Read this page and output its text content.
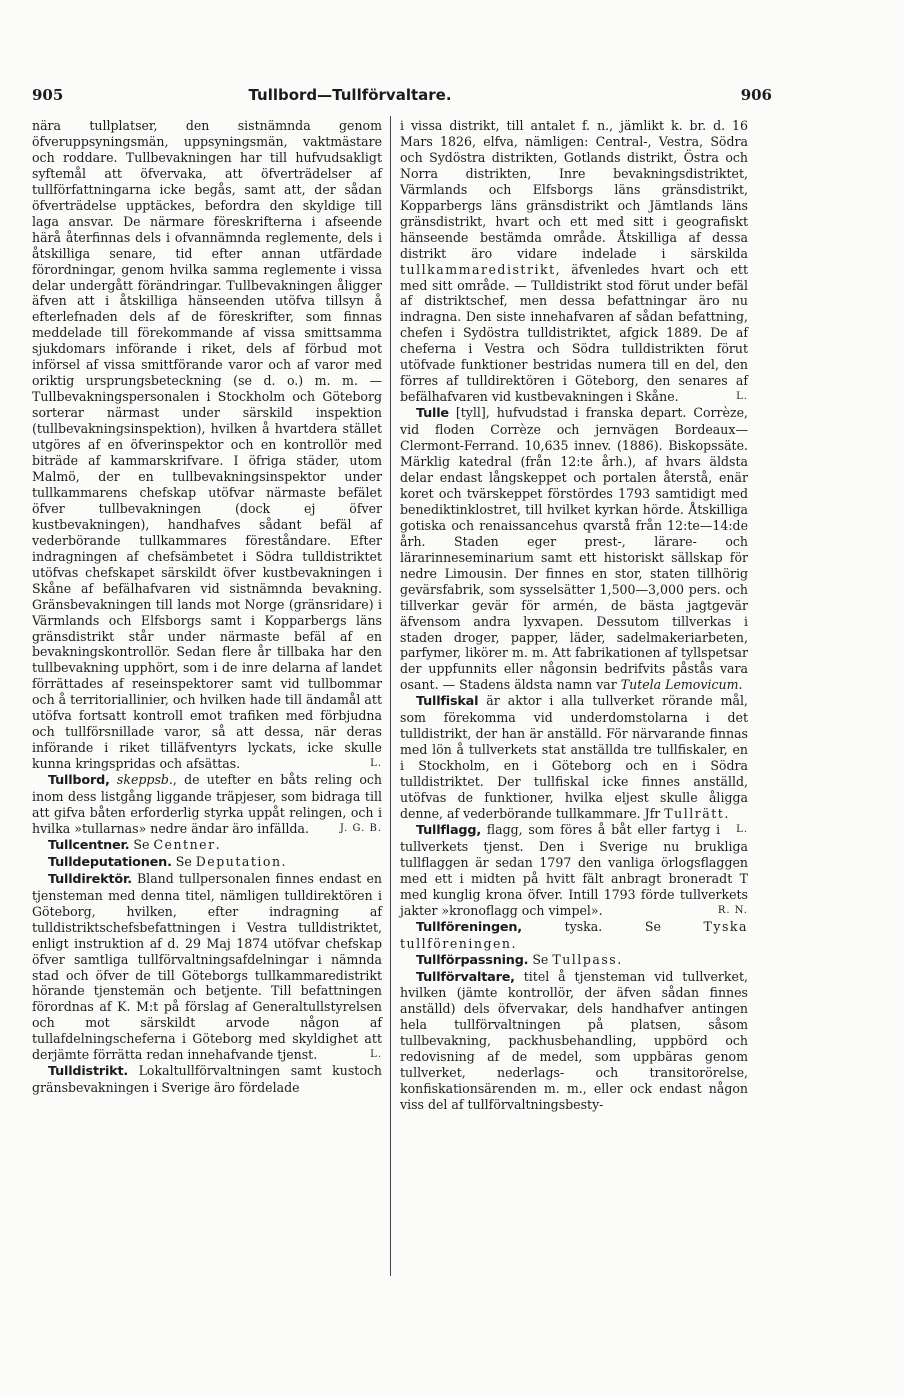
905	Tullbord—Tullförvaltare.	906

nära tullplatser, den sistnämnda genom öfveruppsyningsmän, uppsyningsmän, vaktmästare och roddare. Tullbevakningen har till hufvudsakligt syftemål att öfvervaka, att öfverträdelser af tullförfattningarna icke begås, samt att, der sådan öfverträdelse upptäckes, befordra den skyldige till laga ansvar. De närmare föreskrifterna i afseende härå återfinnas dels i ofvannämnda reglemente, dels i åtskilliga senare, tid efter annan utfärdade förordningar, genom hvilka samma reglemente i vissa delar undergått förändringar. Tullbevakningen åligger äfven att i åtskilliga hänseenden utöfva tillsyn å efterlefnaden dels af de föreskrifter, som finnas meddelade till förekommande af vissa smittsamma sjukdomars införande i riket, dels af förbud mot införsel af vissa smittförande varor och af varor med oriktig ursprungsbeteckning (se d. o.) m. m. — Tullbevakningspersonalen i Stockholm och Göteborg sorterar närmast under särskild inspektion (tullbevakningsinspektion), hvilken å hvartdera stället utgöres af en öfverinspektor och en kontrollör med biträde af kammarskrifvare. I öfriga städer, utom Malmö, der en tullbevakningsinspektor under tullkammarens chefskap utöfvar närmaste befälet öfver tullbevakningen (dock ej öfver kustbevakningen), handhafves sådant befäl af vederbörande tullkammares föreståndare. Efter indragningen af chefsämbetet i Södra tulldistriktet utöfvas chefskapet särskildt öfver kustbevakningen i Skåne af befälhafvaren vid sistnämnda bevakning. Gränsbevakningen till lands mot Norge (gränsridare) i Värmlands och Elfsborgs samt i Kopparbergs läns gränsdistrikt står under närmaste befäl af en bevakningskontrollör. Sedan flere år tillbaka har den tullbevakning upphört, som i de inre delarna af landet förrättades af reseinspektorer samt vid tullbommar och å territoriallinier, och hvilken hade till ändamål att utöfva fortsatt kontroll emot trafiken med förbjudna och tullförsnillade varor, så att dessa, när deras införande i riket tilläfventyrs lyckats, icke skulle kunna kringspridas och afsättas.	L.

Tullbord, skeppsb., de utefter en båts reling och inom dess listgång liggande träpjeser, som bidraga till att gifva båten erforderlig styrka uppåt relingen, och i hvilka »tullarnas» nedre ändar äro infällda.	J. G. B.

Tullcentner. Se Centner.

Tulldeputationen. Se Deputation.

Tulldirektör. Bland tullpersonalen finnes endast en tjensteman med denna titel, nämligen tulldirektören i Göteborg, hvilken, efter indragning af tulldistriktschefsbefattningen i Vestra tulldistriktet, enligt instruktion af d. 29 Maj 1874 utöfvar chefskap öfver samtliga tullförvaltningsafdelningar i nämnda stad och öfver de till Göteborgs tullkammaredistrikt hörande tjenstemän och betjente. Till befattningen förordnas af K. M:t på förslag af Generaltullstyrelsen och mot särskildt arvode någon af tullafdelningscheferna i Göteborg med skyldighet att derjämte förrätta redan innehafvande tjenst.	L.

Tulldistrikt. Lokaltullförvaltningen samt kustoch gränsbevakningen i Sverige äro fördelade

i vissa distrikt, till antalet f. n., jämlikt k. br. d. 16 Mars 1826, elfva, nämligen: Central-, Vestra, Södra och Sydöstra distrikten, Gotlands distrikt, Östra och Norra distrikten, Inre bevakningsdistriktet, Värmlands och Elfsborgs läns gränsdistrikt, Kopparbergs läns gränsdistrikt och Jämtlands läns gränsdistrikt, hvart och ett med sitt i geografiskt hänseende bestämda område. Åtskilliga af dessa distrikt äro vidare indelade i särskilda tullkammaredistrikt, äfvenledes hvart och ett med sitt område. — Tulldistrikt stod förut under befäl af distriktschef, men dessa befattningar äro nu indragna. Den siste innehafvaren af sådan befattning, chefen i Sydöstra tulldistriktet, afgick 1889. De af cheferna i Vestra och Södra tulldistrikten förut utöfvade funktioner bestridas numera till en del, den förres af tulldirektören i Göteborg, den senares af befälhafvaren vid kustbevakningen i Skåne.	L.

Tulle [tyll], hufvudstad i franska depart. Corrèze, vid floden Corrèze och jernvägen Bordeaux—Clermont-Ferrand. 10,635 innev. (1886). Biskopssäte. Märklig katedral (från 12:te årh.), af hvars äldsta delar endast långskeppet och portalen återstå, enär koret och tvärskeppet förstördes 1793 samtidigt med benediktinklostret, till hvilket kyrkan hörde. Åtskilliga gotiska och renaissancehus qvarstå från 12:te—14:de årh. Staden eger prest-, lärare- och lärarinneseminarium samt ett historiskt sällskap för nedre Limousin. Der finnes en stor, staten tillhörig gevärsfabrik, som sysselsätter 1,500—3,000 pers. och tillverkar gevär för armén, de bästa jagtgevär äfvensom andra lyxvapen. Dessutom tillverkas i staden droger, papper, läder, sadelmakeriarbeten, parfymer, likörer m. m. Att fabrikationen af tyllspetsar der uppfunnits eller någonsin bedrifvits påstås vara osant. — Stadens äldsta namn var Tutela Lemovicum.

Tullfiskal är aktor i alla tullverket rörande mål, som förekomma vid underdomstolarna i det tulldistrikt, der han är anställd. För närvarande finnas med lön å tullverkets stat anställda tre tullfiskaler, en i Stockholm, en i Göteborg och en i Södra tulldistriktet. Der tullfiskal icke finnes anställd, utöfvas de funktioner, hvilka eljest skulle åligga denne, af vederbörande tullkammare. Jfr Tullrätt.
L.

Tullflagg, flagg, som föres å båt eller fartyg i tullverkets tjenst. Den i Sverige nu brukliga tullflaggen är sedan 1797 den vanliga örlogsflaggen med ett i midten på hvitt fält anbragt broneradt T med kunglig krona öfver. Intill 1793 förde tullverkets jakter »kronoflagg och vimpel».	R. N.

Tullföreningen, tyska. Se Tyska tullföreningen.

Tullförpassning. Se Tullpass.

Tullförvaltare, titel å tjensteman vid tullverket, hvilken (jämte kontrollör, der äfven sådan finnes anställd) dels öfvervakar, dels handhafver antingen hela tullförvaltningen på platsen, såsom tullbevakning, packhusbehandling, uppbörd och redovisning af de medel, som uppbäras genom tullverket, nederlags- och transitorörelse, konfiskationsärenden m. m., eller ock endast någon viss del af tullförvaltningsbesty-
